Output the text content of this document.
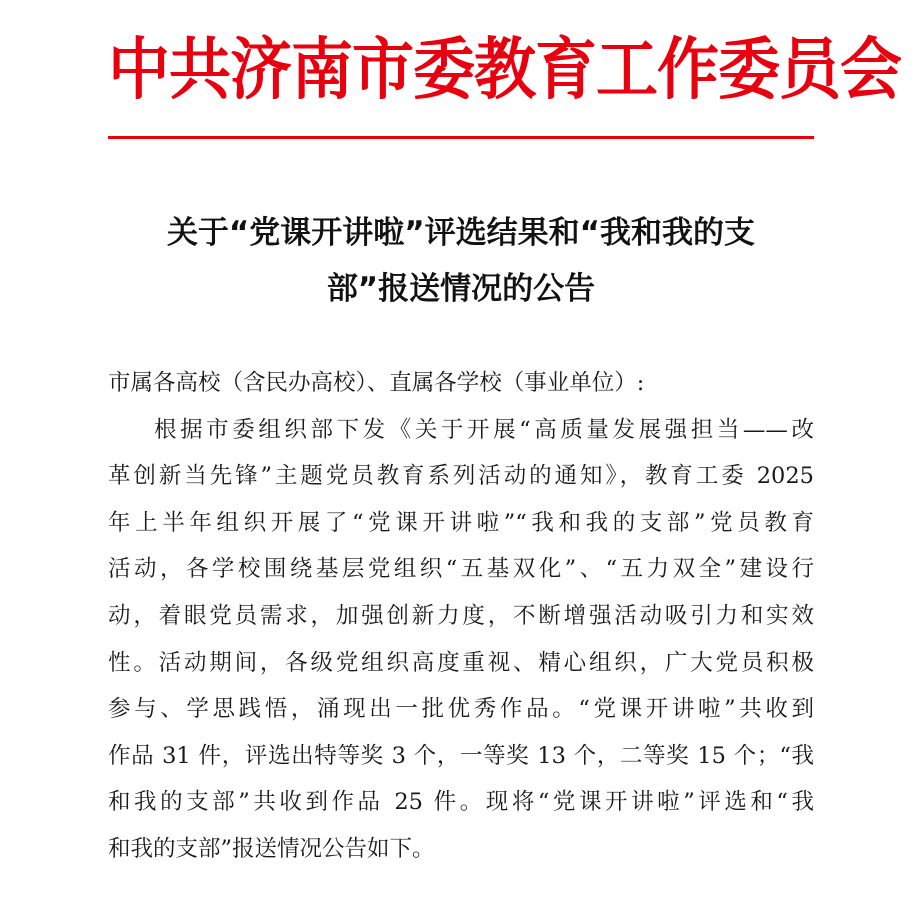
中共济南市委教育工作委员会
关于“党课开讲啦”评选结果和“我和我的支
部”报送情况的公告
市属各高校（含民办高校）、直属各学校（事业单位）:
根据市委组织部下发《关于开展“高质量发展强担当——改
革创新当先锋”主题党员教育系列活动的通知》，教育工委 2025
年上半年组织开展了“党课开讲啦”“我和我的支部”党员教育
活动，各学校围绕基层党组织“五基双化”、“五力双全”建设行
动，着眼党员需求，加强创新力度，不断增强活动吸引力和实效
性。活动期间，各级党组织高度重视、精心组织，广大党员积极
参与、学思践悟，涌现出一批优秀作品。“党课开讲啦”共收到
作品 31 件，评选出特等奖 3 个，一等奖 13 个，二等奖 15 个；“我
和我的支部”共收到作品 25 件。现将“党课开讲啦”评选和“我
和我的支部”报送情况公告如下。
